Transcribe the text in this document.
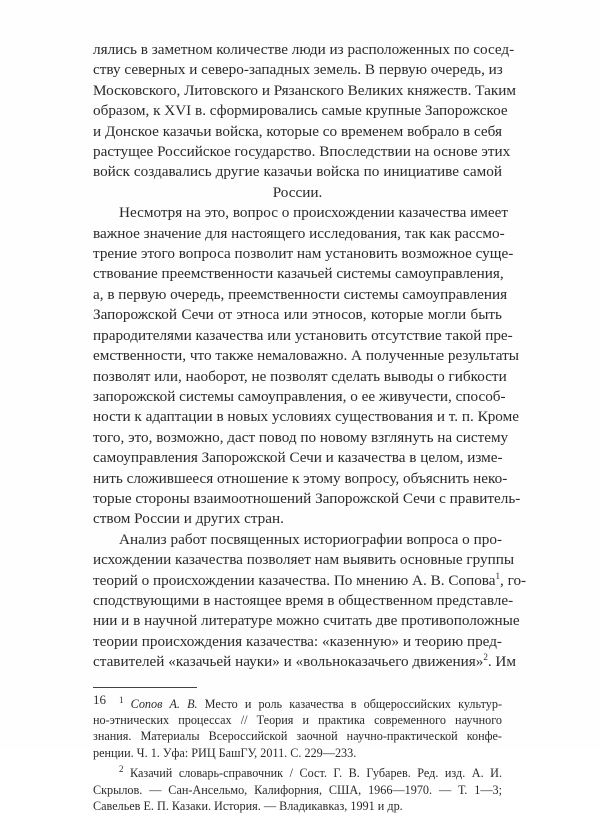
лялись в заметном количестве люди из расположенных по сосед-
ству северных и северо-западных земель. В первую очередь, из
Московского, Литовского и Рязанского Великих княжеств. Таким
образом, к XVI в. сформировались самые крупные Запорожское
и Донское казачьи войска, которые со временем вобрало в себя
растущее Российское государство. Впоследствии на основе этих
войск создавались другие казачьи войска по инициативе самой
России.

Несмотря на это, вопрос о происхождении казачества имеет
важное значение для настоящего исследования, так как рассмо-
трение этого вопроса позволит нам установить возможное суще-
ствование преемственности казачьей системы самоуправления,
а, в первую очередь, преемственности системы самоуправления
Запорожской Сечи от этноса или этносов, которые могли быть
прародителями казачества или установить отсутствие такой пре-
емственности, что также немаловажно. А полученные результаты
позволят или, наоборот, не позволят сделать выводы о гибкости
запорожской системы самоуправления, о ее живучести, способ-
ности к адаптации в новых условиях существования и т. п. Кроме
того, это, возможно, даст повод по новому взглянуть на систему
самоуправления Запорожской Сечи и казачества в целом, изме-
нить сложившееся отношение к этому вопросу, объяснить неко-
торые стороны взаимоотношений Запорожской Сечи с правитель-
ством России и других стран.

Анализ работ посвященных историографии вопроса о про-
исхождении казачества позволяет нам выявить основные группы
теорий о происхождении казачества. По мнению А. В. Сопова$^1$, го-
сподствующими в настоящее время в общественном представле-
нии и в научной литературе можно считать две противоположные
теории происхождения казачества: «казенную» и теорию пред-
ставителей «казачьей науки» и «вольноказачьего движения»$^2$. Им

$^1$ Сопов А. В. Место и роль казачества в общероссийских культур-
но-этнических процессах // Теория и практика современного научного
знания. Материалы Всероссийской заочной научно-практической конфе-
ренции. Ч. 1. Уфа: РИЦ БашГУ, 2011. С. 229—233.

$^2$ Казачий словарь-справочник / Сост. Г. В. Губарев. Ред. изд. А. И.
Скрылов. — Сан-Ансельмо, Калифорния, США, 1966—1970. — Т. 1—3;
Савельев Е. П. Казаки. История. — Владикавказ, 1991 и др.

16
